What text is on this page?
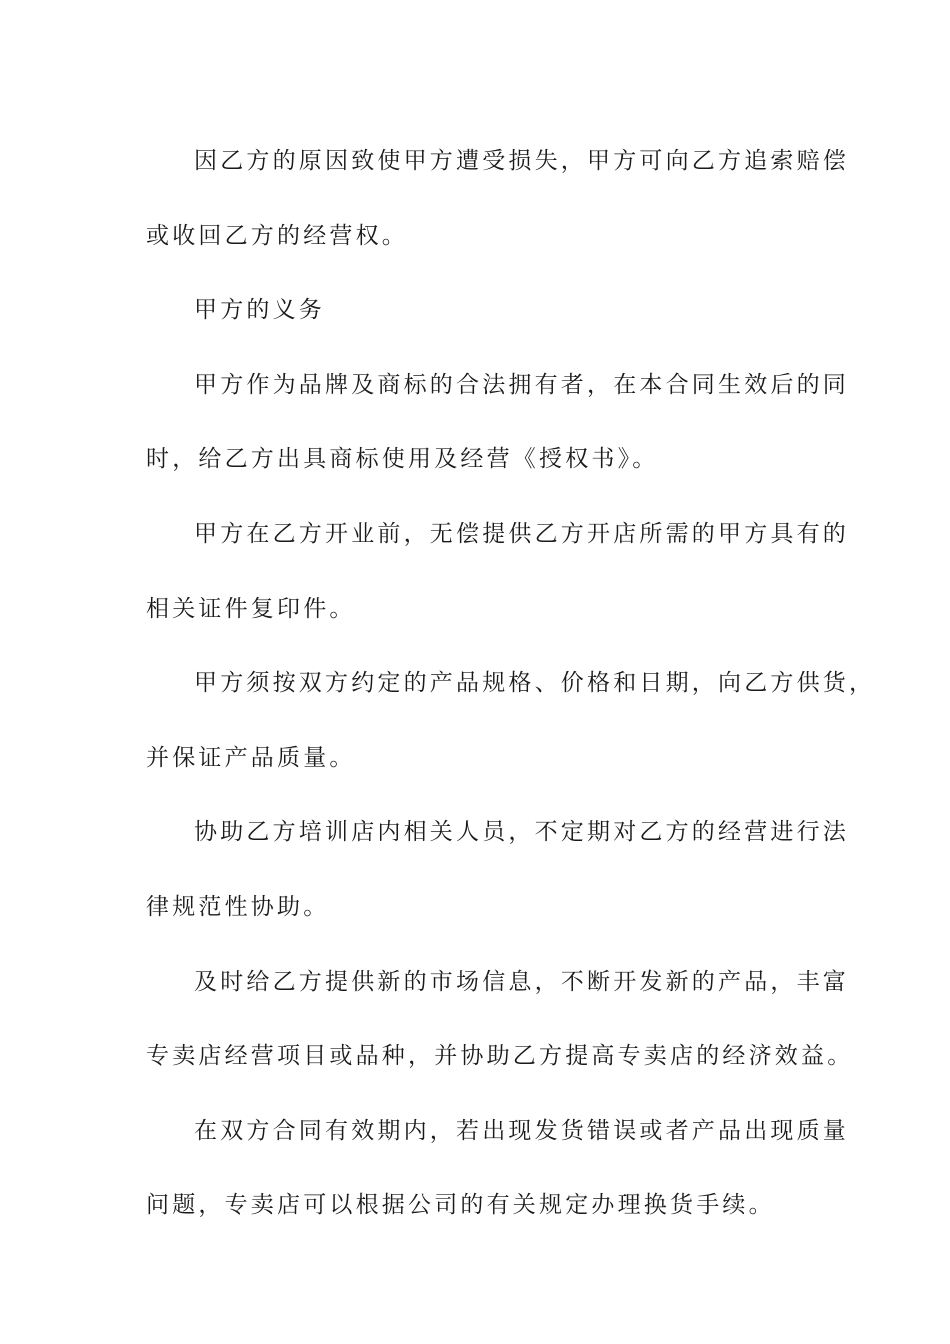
因乙方的原因致使甲方遭受损失，甲方可向乙方追索赔偿
或收回乙方的经营权。

甲方的义务

甲方作为品牌及商标的合法拥有者，在本合同生效后的同
时，给乙方出具商标使用及经营《授权书》。

甲方在乙方开业前，无偿提供乙方开店所需的甲方具有的
相关证件复印件。

甲方须按双方约定的产品规格、价格和日期，向乙方供货，
并保证产品质量。

协助乙方培训店内相关人员，不定期对乙方的经营进行法
律规范性协助。

及时给乙方提供新的市场信息，不断开发新的产品，丰富
专卖店经营项目或品种，并协助乙方提高专卖店的经济效益。

在双方合同有效期内，若出现发货错误或者产品出现质量
问题，专卖店可以根据公司的有关规定办理换货手续。
